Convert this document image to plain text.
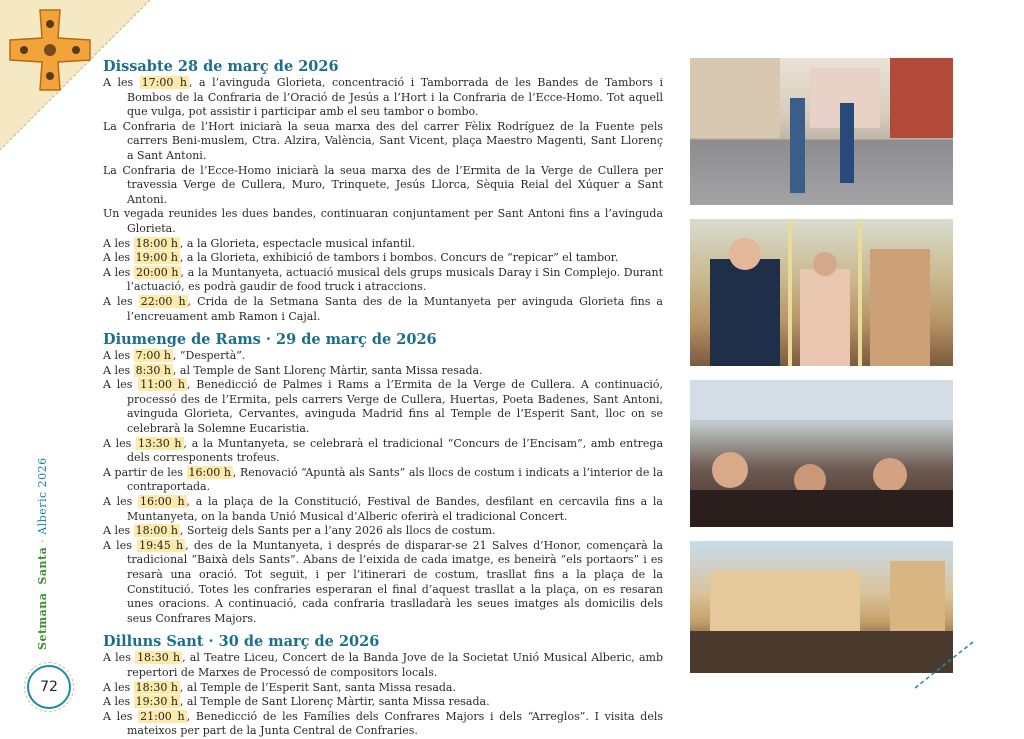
Setmana  Santa · Alberic 2026
72
Dissabte 28 de març de 2026

A les 17:00 h , a l’avinguda Glorieta, concentració i Tamborrada de les Bandes de Tambors i Bombos de la Confraria de l’Oració de Jesús a l’Hort i la Confraria de l’Ecce-Homo. Tot aquell que vulga, pot assistir i participar amb el seu tambor o bombo.

La Confraria de l’Hort iniciarà la seua marxa des del carrer Fèlix Rodríguez de la Fuente pels carrers Beni-muslem, Ctra. Alzira, València, Sant Vicent, plaça Maestro Magenti, Sant Llorenç a Sant Antoni.

La Confraria de l’Ecce-Homo iniciarà la seua marxa des de l’Ermita de la Verge de Cullera per travessia Verge de Cullera, Muro, Trinquete, Jesús Llorca, Sèquia Reial del Xúquer a Sant Antoni.

Un vegada reunides les dues bandes, continuaran conjuntament per Sant Antoni fins a l’avinguda Glorieta.

A les 18:00 h , a la Glorieta, espectacle musical infantil.

A les 19:00 h , a la Glorieta, exhibició de tambors i bombos. Concurs de “repicar” el tambor.

A les 20:00 h , a la Muntanyeta, actuació musical dels grups musicals Daray i Sin Complejo. Durant l’actuació, es podrà gaudir de food truck i atraccions.

A les 22:00 h , Crida de la Setmana Santa des de la Muntanyeta per avinguda Glorieta fins a l’encreuament amb Ramon i Cajal.

Diumenge de Rams · 29 de març de 2026

A les 7:00 h , “Despertà”.

A les 8:30 h , al Temple de Sant Llorenç Màrtir, santa Missa resada.

A les 11:00 h , Benedicció de Palmes i Rams a l’Ermita de la Verge de Cullera. A continuació, processó des de l’Ermita, pels carrers Verge de Cullera, Huertas, Poeta Badenes, Sant Antoni, avinguda Glorieta, Cervantes, avinguda Madrid fins al Temple de l’Esperit Sant, lloc on se celebrarà la Solemne Eucaristia.

A les 13:30 h , a la Muntanyeta, se celebrarà el tradicional “Concurs de l’Encisam”, amb entrega dels corresponents trofeus.

A partir de les 16:00 h , Renovació “Apuntà als Sants” als llocs de costum i indicats a l’interior de la contraportada.

A les 16:00 h , a la plaça de la Constitució, Festival de Bandes, desfilant en cercavila fins a la Muntanyeta, on la banda Unió Musical d’Alberic oferirà el tradicional Concert.

A les 18:00 h , Sorteig dels Sants per a l’any 2026 als llocs de costum.

A les 19:45 h , des de la Muntanyeta, i després de disparar-se 21 Salves d’Honor, començarà la tradicional “Baixà dels Sants”. Abans de l’eixida de cada imatge, es beneirà “els portaors” i es resarà una oració. Tot seguit, i per l’itinerari de costum, trasllat fins a la plaça de la Constitució. Totes les confraries esperaran el final d’aquest trasllat a la plaça, on es resaran unes oracions. A continuació, cada confraria traslladarà les seues imatges als domicilis dels seus Confrares Majors.

Dilluns Sant · 30 de març de 2026

A les 18:30 h , al Teatre Liceu, Concert de la Banda Jove de la Societat Unió Musical Alberic, amb repertori de Marxes de Processó de compositors locals.

A les 18:30 h , al Temple de l’Esperit Sant, santa Missa resada.

A les 19:30 h , al Temple de Sant Llorenç Màrtir, santa Missa resada.

A les 21:00 h , Benedicció de les Famílies dels Confrares Majors i dels “Arreglos”. I visita dels mateixos per part de la Junta Central de Confraries.
